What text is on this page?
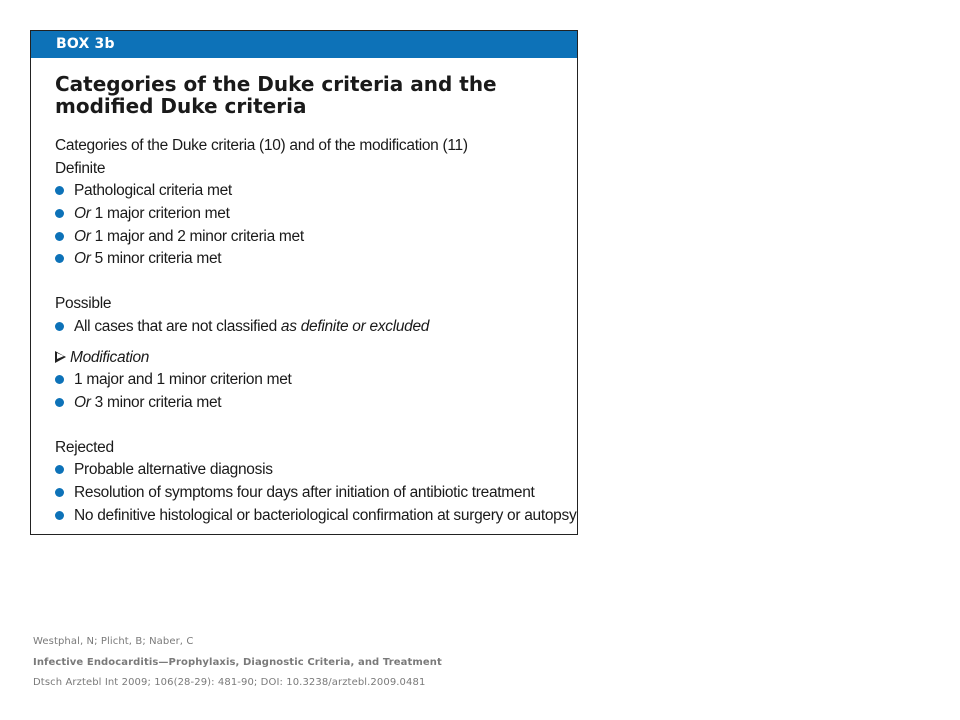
BOX 3b
Categories of the Duke criteria and the
modified Duke criteria
Categories of the Duke criteria (10) and of the modification (11)
Definite
Pathological criteria met
Or 1 major criterion met
Or 1 major and 2 minor criteria met
Or 5 minor criteria met
Possible
All cases that are not classified as definite or excluded
Modification
1 major and 1 minor criterion met
Or 3 minor criteria met
Rejected
Probable alternative diagnosis
Resolution of symptoms four days after initiation of antibiotic treatment
No definitive histological or bacteriological confirmation at surgery or autopsy
Westphal, N; Plicht, B; Naber, C
Infective Endocarditis—Prophylaxis, Diagnostic Criteria, and Treatment
Dtsch Arztebl Int 2009; 106(28-29): 481-90; DOI: 10.3238/arztebl.2009.0481
